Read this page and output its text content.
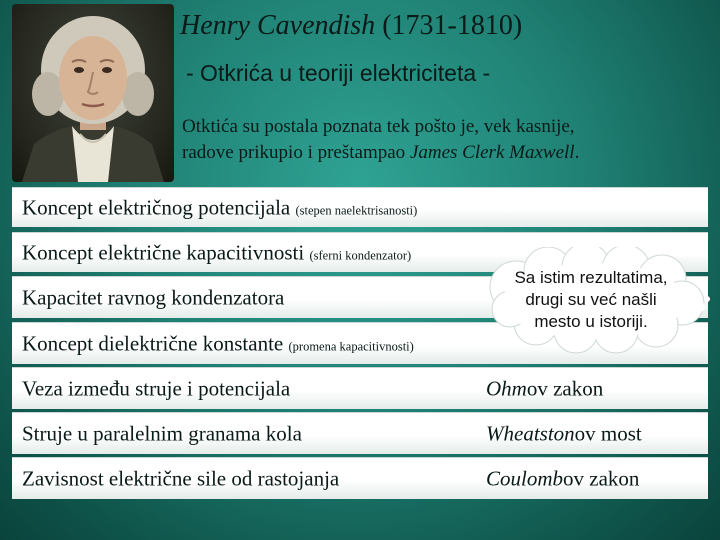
Henry Cavendish (1731-1810)
- Otkrića u teoriji elektriciteta -
Otktića su postala poznata tek pošto je, vek kasnije,
radove prikupio i preštampao James Clerk Maxwell.
Koncept električnog potencijala (stepen naelektrisanosti)
Koncept električne kapacitivnosti (sferni kondenzator)
Kapacitet ravnog kondenzatora
Koncept dielektrične konstante (promena kapacitivnosti)
Veza između struje i potencijala	Ohmov zakon
Struje u paralelnim granama kola	Wheatstonov most
Zavisnost električne sile od rastojanja	Coulombov zakon
Sa istim rezultatima,
drugi su već našli
mesto u istoriji.
